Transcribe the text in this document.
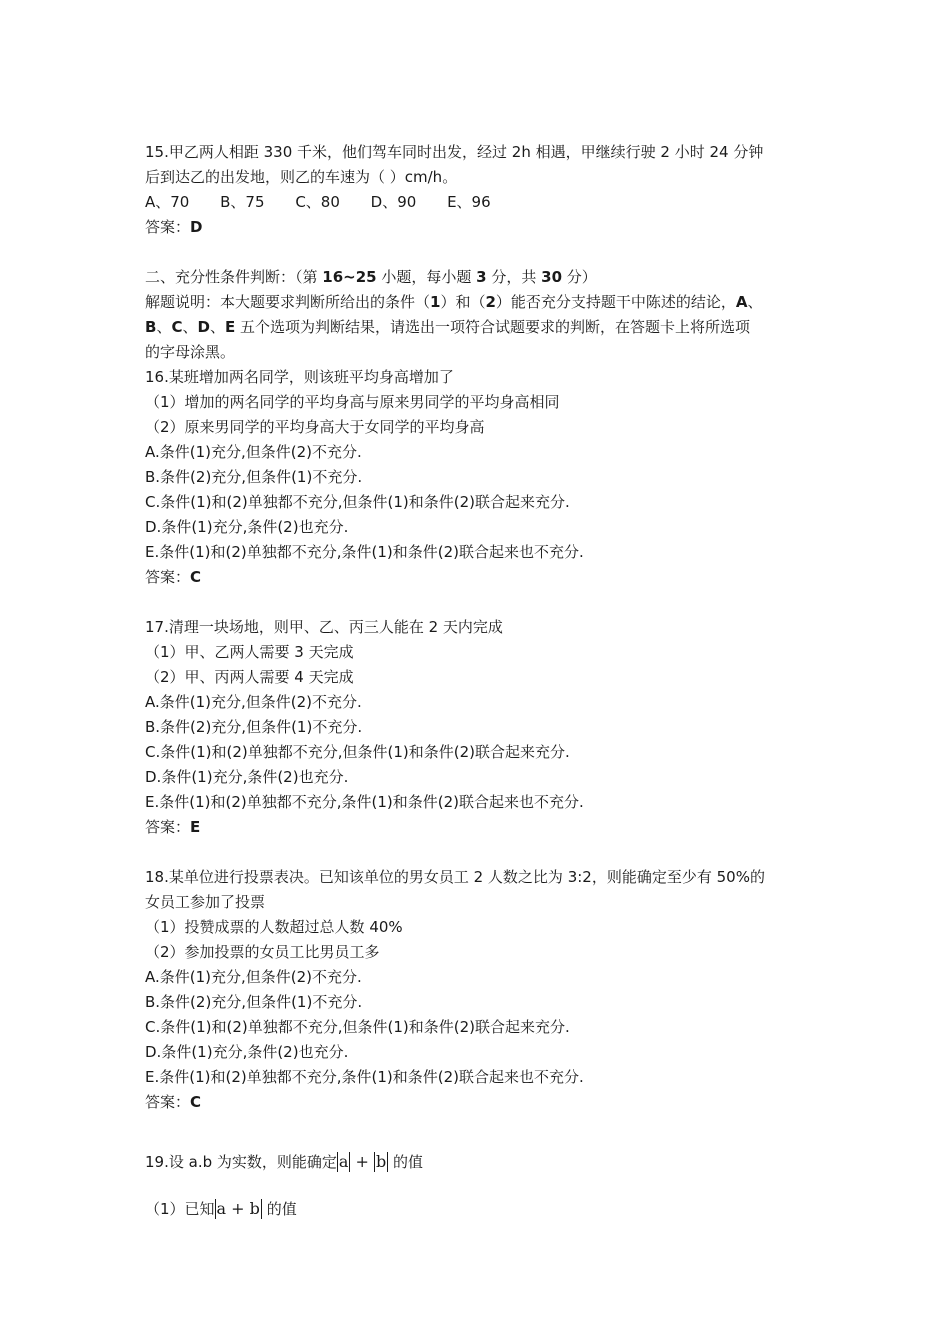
15.甲乙两人相距 330 千米，他们驾车同时出发，经过 2h 相遇，甲继续行驶 2 小时 24 分钟
后到达乙的出发地，则乙的车速为（ ）cm/h。
A、70 B、75 C、80 D、90 E、96
答案：D
二、充分性条件判断：（第 16~25 小题，每小题 3 分，共 30 分）
解题说明：本大题要求判断所给出的条件（1）和（2）能否充分支持题干中陈述的结论，A、
B、C、D、E 五个选项为判断结果，请选出一项符合试题要求的判断，在答题卡上将所选项
的字母涂黑。
16.某班增加两名同学，则该班平均身高增加了
（1）增加的两名同学的平均身高与原来男同学的平均身高相同
（2）原来男同学的平均身高大于女同学的平均身高
A.条件(1)充分,但条件(2)不充分.
B.条件(2)充分,但条件(1)不充分.
C.条件(1)和(2)单独都不充分,但条件(1)和条件(2)联合起来充分.
D.条件(1)充分,条件(2)也充分.
E.条件(1)和(2)单独都不充分,条件(1)和条件(2)联合起来也不充分.
答案：C
17.清理一块场地，则甲、乙、丙三人能在 2 天内完成
（1）甲、乙两人需要 3 天完成
（2）甲、丙两人需要 4 天完成
A.条件(1)充分,但条件(2)不充分.
B.条件(2)充分,但条件(1)不充分.
C.条件(1)和(2)单独都不充分,但条件(1)和条件(2)联合起来充分.
D.条件(1)充分,条件(2)也充分.
E.条件(1)和(2)单独都不充分,条件(1)和条件(2)联合起来也不充分.
答案：E
18.某单位进行投票表决。已知该单位的男女员工 2 人数之比为 3:2，则能确定至少有 50%的
女员工参加了投票
（1）投赞成票的人数超过总人数 40%
（2）参加投票的女员工比男员工多
A.条件(1)充分,但条件(2)不充分.
B.条件(2)充分,但条件(1)不充分.
C.条件(1)和(2)单独都不充分,但条件(1)和条件(2)联合起来充分.
D.条件(1)充分,条件(2)也充分.
E.条件(1)和(2)单独都不充分,条件(1)和条件(2)联合起来也不充分.
答案：C
19.设 a.b 为实数，则能确定 a + b 的值
（1）已知 a + b 的值
